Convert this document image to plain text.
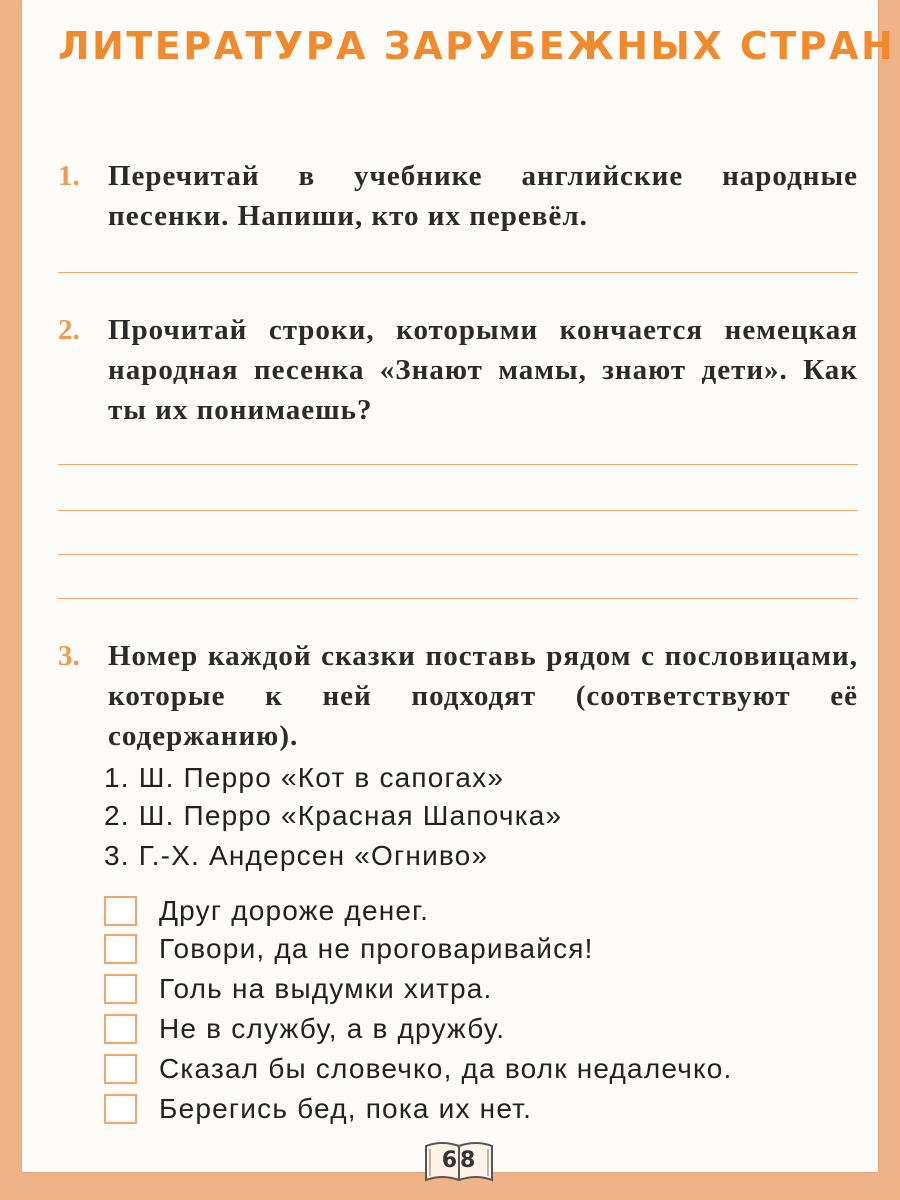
ЛИТЕРАТУРА ЗАРУБЕЖНЫХ СТРАН
1. Перечитай в учебнике английские народные песенки. Напиши, кто их перевёл.
2. Прочитай строки, которыми кончается немецкая народная песенка «Знают мамы, знают дети». Как ты их понимаешь?
3. Номер каждой сказки поставь рядом с пословицами, которые к ней подходят (соответствуют её содержанию).
1. Ш. Перро «Кот в сапогах»
2. Ш. Перро «Красная Шапочка»
3. Г.-Х. Андерсен «Огниво»
Друг дороже денег.
Говори, да не проговаривайся!
Голь на выдумки хитра.
Не в службу, а в дружбу.
Сказал бы словечко, да волк недалечко.
Берегись бед, пока их нет.
68
